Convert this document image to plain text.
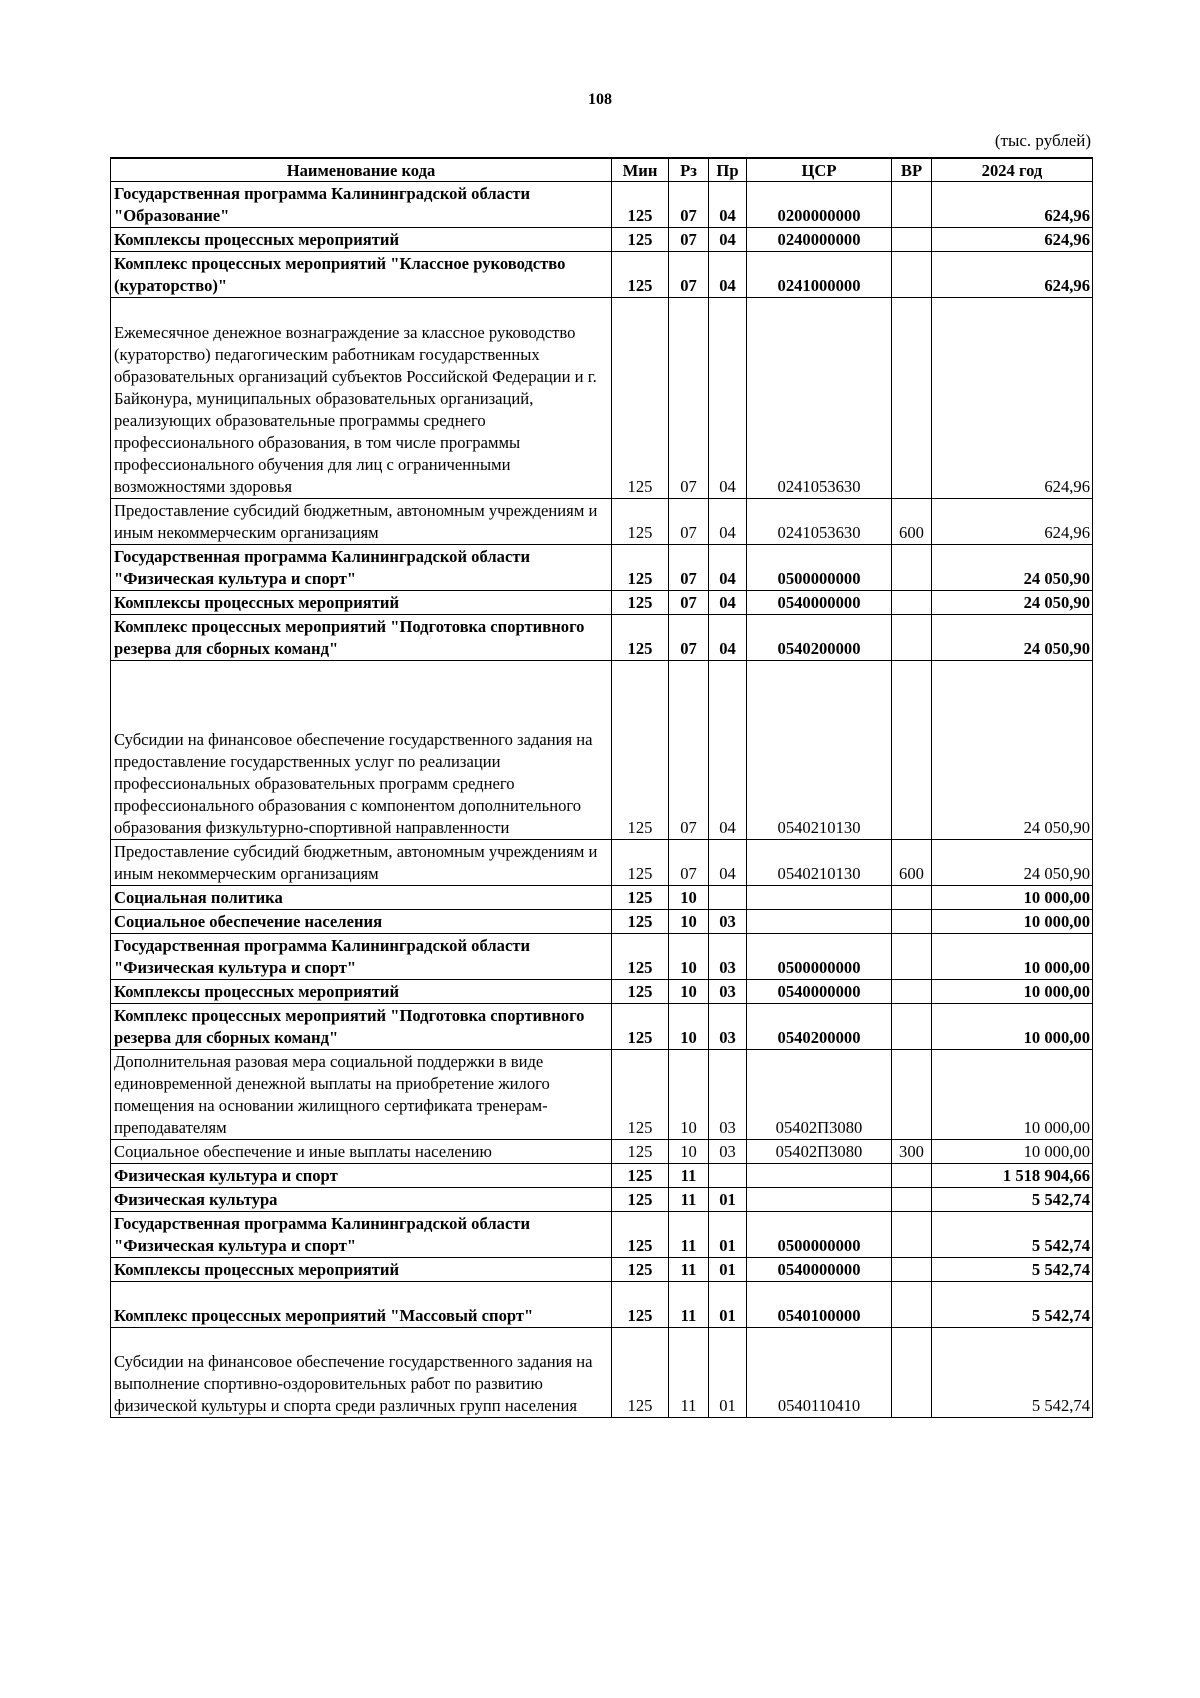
108
(тыс. рублей)
Наименование кода	Мин	Рз	Пр	ЦСР	ВР	2024 год
Государственная программа Калининградской области "Образование"	125	07	04	0200000000		624,96
Комплексы процессных мероприятий	125	07	04	0240000000		624,96
Комплекс процессных мероприятий "Классное руководство (кураторство)"	125	07	04	0241000000		624,96
Ежемесячное денежное вознаграждение за классное руководство (кураторство) педагогическим работникам государственных образовательных организаций субъектов Российской Федерации и г. Байконура, муниципальных образовательных организаций, реализующих образовательные программы среднего профессионального образования, в том числе программы профессионального обучения для лиц с ограниченными возможностями здоровья	125	07	04	0241053630		624,96
Предоставление субсидий бюджетным, автономным учреждениям и иным некоммерческим организациям	125	07	04	0241053630	600	624,96
Государственная программа Калининградской области "Физическая культура и спорт"	125	07	04	0500000000		24 050,90
Комплексы процессных мероприятий	125	07	04	0540000000		24 050,90
Комплекс процессных мероприятий "Подготовка спортивного резерва для сборных команд"	125	07	04	0540200000		24 050,90
Субсидии на финансовое обеспечение государственного задания на предоставление государственных услуг по реализации профессиональных образовательных программ среднего профессионального образования с компонентом дополнительного образования физкультурно-спортивной направленности	125	07	04	0540210130		24 050,90
Предоставление субсидий бюджетным, автономным учреждениям и иным некоммерческим организациям	125	07	04	0540210130	600	24 050,90
Социальная политика	125	10				10 000,00
Социальное обеспечение населения	125	10	03			10 000,00
Государственная программа Калининградской области "Физическая культура и спорт"	125	10	03	0500000000		10 000,00
Комплексы процессных мероприятий	125	10	03	0540000000		10 000,00
Комплекс процессных мероприятий "Подготовка спортивного резерва для сборных команд"	125	10	03	0540200000		10 000,00
Дополнительная разовая мера социальной поддержки в виде единовременной денежной выплаты на приобретение жилого помещения на основании жилищного сертификата тренерам-преподавателям	125	10	03	05402П3080		10 000,00
Социальное обеспечение и иные выплаты населению	125	10	03	05402П3080	300	10 000,00
Физическая культура и спорт	125	11				1 518 904,66
Физическая культура	125	11	01			5 542,74
Государственная программа Калининградской области "Физическая культура и спорт"	125	11	01	0500000000		5 542,74
Комплексы процессных мероприятий	125	11	01	0540000000		5 542,74
Комплекс процессных мероприятий "Массовый спорт"	125	11	01	0540100000		5 542,74
Субсидии на финансовое обеспечение государственного задания на выполнение спортивно-оздоровительных работ по развитию физической культуры и спорта среди различных групп населения	125	11	01	0540110410		5 542,74
